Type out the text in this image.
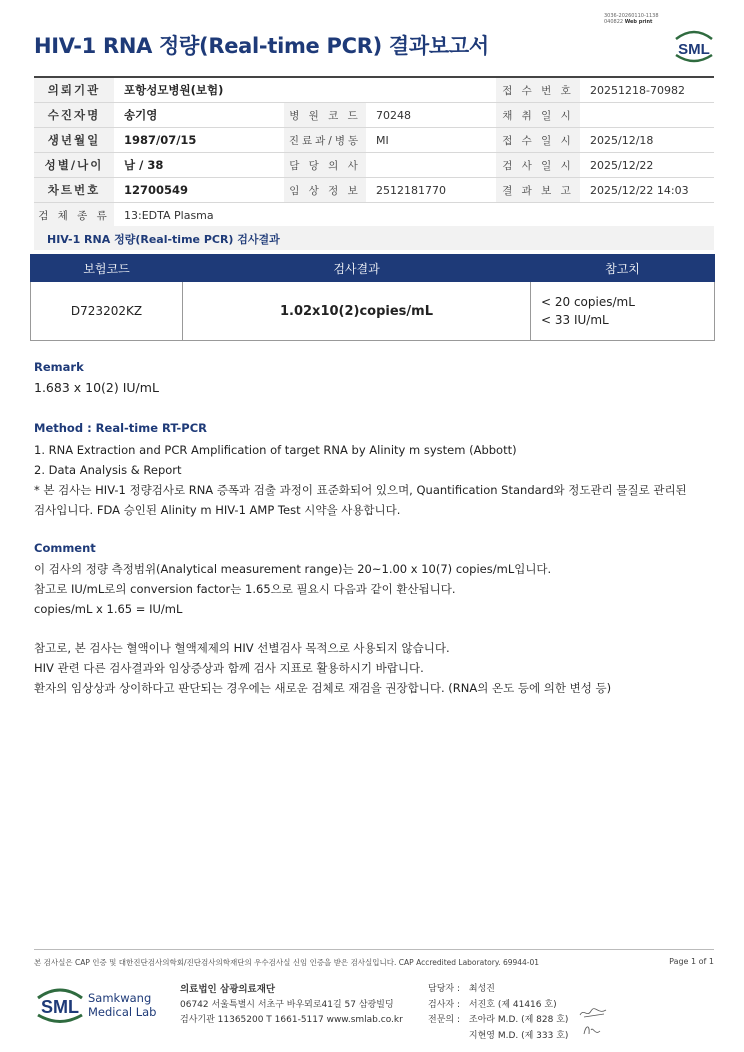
3036-20260110-1138
040822 Web print
HIV-1 RNA 정량(Real-time PCR) 결과보고서	SML
의뢰기관	포항성모병원(보험)			접 수 번 호	20251218-70982
수진자명	송기영	병 원 코 드	70248	채 취 일 시	
생년월일	1987/07/15	진료과/병동	MI	접 수 일 시	2025/12/18
성별/나이	남 / 38	담 당 의 사		검 사 일 시	2025/12/22
차트번호	12700549	임 상 정 보	2512181770	결 과 보 고	2025/12/22 14:03
검 체 종 류	13:EDTA Plasma				
HIV-1 RNA 정량(Real-time PCR) 검사결과
보험코드	검사결과	참고치
D723202KZ	1.02x10(2)copies/mL	< 20 copies/mL
< 33 IU/mL
Remark
1.683 x 10(2) IU/mL
Method : Real-time RT-PCR
1. RNA Extraction and PCR Amplification of target RNA by Alinity m system (Abbott)
2. Data Analysis & Report
* 본 검사는 HIV-1 정량검사로 RNA 증폭과 검출 과정이 표준화되어 있으며, Quantification Standard와 정도관리 물질로 관리된
검사입니다. FDA 승인된 Alinity m HIV-1 AMP Test 시약을 사용합니다.
Comment
이 검사의 정량 측정범위(Analytical measurement range)는 20~1.00 x 10(7) copies/mL입니다.
참고로 IU/mL로의 conversion factor는 1.65으로 필요시 다음과 같이 환산됩니다.
copies/mL x 1.65 = IU/mL
참고로, 본 검사는 혈액이나 혈액제제의 HIV 선별검사 목적으로 사용되지 않습니다.
HIV 관련 다른 검사결과와 임상증상과 함께 검사 지표로 활용하시기 바랍니다.
환자의 임상상과 상이하다고 판단되는 경우에는 새로운 검체로 재검을 권장합니다. (RNA의 온도 등에 의한 변성 등)
본 검사실은 CAP 인증 및 대한진단검사의학회/진단검사의학재단의 우수검사실 신임 인증을 받은 검사실입니다. CAP Accredited Laboratory. 69944-01	Page 1 of 1
SML Samkwang
Medical Lab
의료법인 삼광의료재단
06742 서울특별시 서초구 바우뫼로41길 57 삼광빌딩
검사기관 11365200 T 1661-5117 www.smlab.co.kr
담당자 : 최성진
검사자 : 서진호 (제 41416 호)
전문의 : 조아라 M.D. (제 828 호)
지현영 M.D. (제 333 호)
